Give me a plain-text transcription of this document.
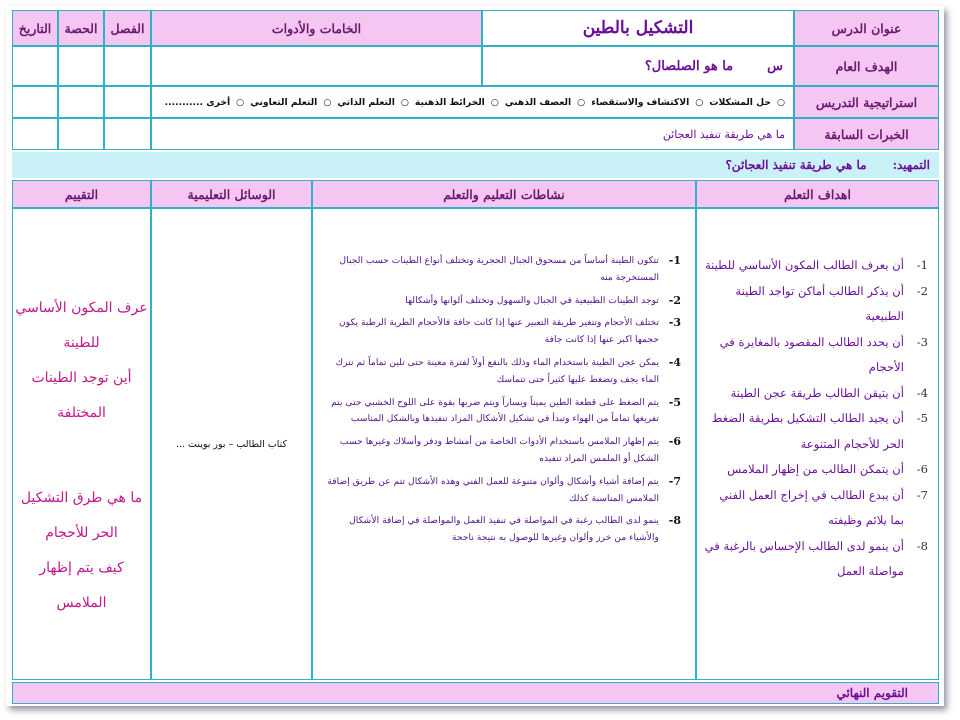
عنوان الدرس
التشكيل بالطين
الخامات والأدوات
الفصل
الحصة
التاريخ
الهدف العام
س
ما هو الصلصال؟
استراتيجية التدريس
○
حل المشكلات
○
الاكتشاف والاستقصاء
○
العصف الذهني
○
الخرائط الذهنية
○
التعلم الذاتي
○
التعلم التعاوني
○
أخرى ...........
الخبرات السابقة
ما هي طريقة تنفيذ العجائن
التمهيد:
ما هي طريقة تنفيذ العجائن؟
اهداف التعلم
نشاطات التعليم والتعلم
الوسائل التعليمية
التقييم
1-
أن يعرف الطالب المكون الأساسي للطينة
2-
أن يذكر الطالب أماكن تواجد الطينة الطبيعية
3-
أن يحدد الطالب المقصود بالمغايرة في الأحجام
4-
أن يتيقن الطالب طريقة عجن الطينة
5-
أن يجيد الطالب التشكيل بطريقة الضغط الحر للأحجام المتنوعة
6-
أن يتمكن الطالب من إظهار الملامس
7-
أن يبدع الطالب في إخراج العمل الفني بما يلائم وظيفته
8-
أن ينمو لدى الطالب الإحساس بالرغبة في مواصلة العمل
1-
تتكون الطينة أساساً من مسحوق الجبال الحجرية وتختلف أنواع الطينات حسب الجبال المستخرجة منه
2-
توجد الطينات الطبيعية في الجبال والسهول وتختلف ألوانها وأشكالها
3-
تختلف الأحجام وتتغير طريقة التعبير عنها إذا كانت جافة فالأحجام الطرية الرطبة يكون حجمها اكبر عنها إذا كانت جافة
4-
يمكن عجن الطينة باستخدام الماء وذلك بالنقع أولاً لفترة معينة حتى تلين تماماً ثم نترك الماء يجف وتضغط عليها كثيراً حتى تتماسك
5-
يتم الضغط على قطعة الطين يميناً ويساراً ويتم ضربها بقوة على اللوح الخشبي حتى يتم تفريغها تماماً من الهواء وتبدأ في تشكيل الأشكال المراد تنفيذها وبالشكل المناسب
6-
يتم إظهار الملامس باستخدام الأدوات الخاصة من أمشاط ودفر وأسلاك وغيرها حسب الشكل أو الملمس المراد تنفيذه
7-
يتم إضافة أشياء وأشكال وألوان متنوعة للعمل الفني وهذه الأشكال تتم عن طريق إضافة الملامس المناسبة كذلك
8-
ينمو لدى الطالب رغبة في المواصلة في تنفيذ العمل والمواصلة في إضافة الأشكال والأشياء من خرز وألوان وغيرها للوصول به نتيجة ناجحة
كتاب الطالب – بور بوينت ...
عرف المكون الأساسي
للطينة
أين توجد الطينات
المختلفة
ما هي طرق التشكيل
الحر للأحجام
كيف يتم إظهار الملامس
التقويم النهائي
